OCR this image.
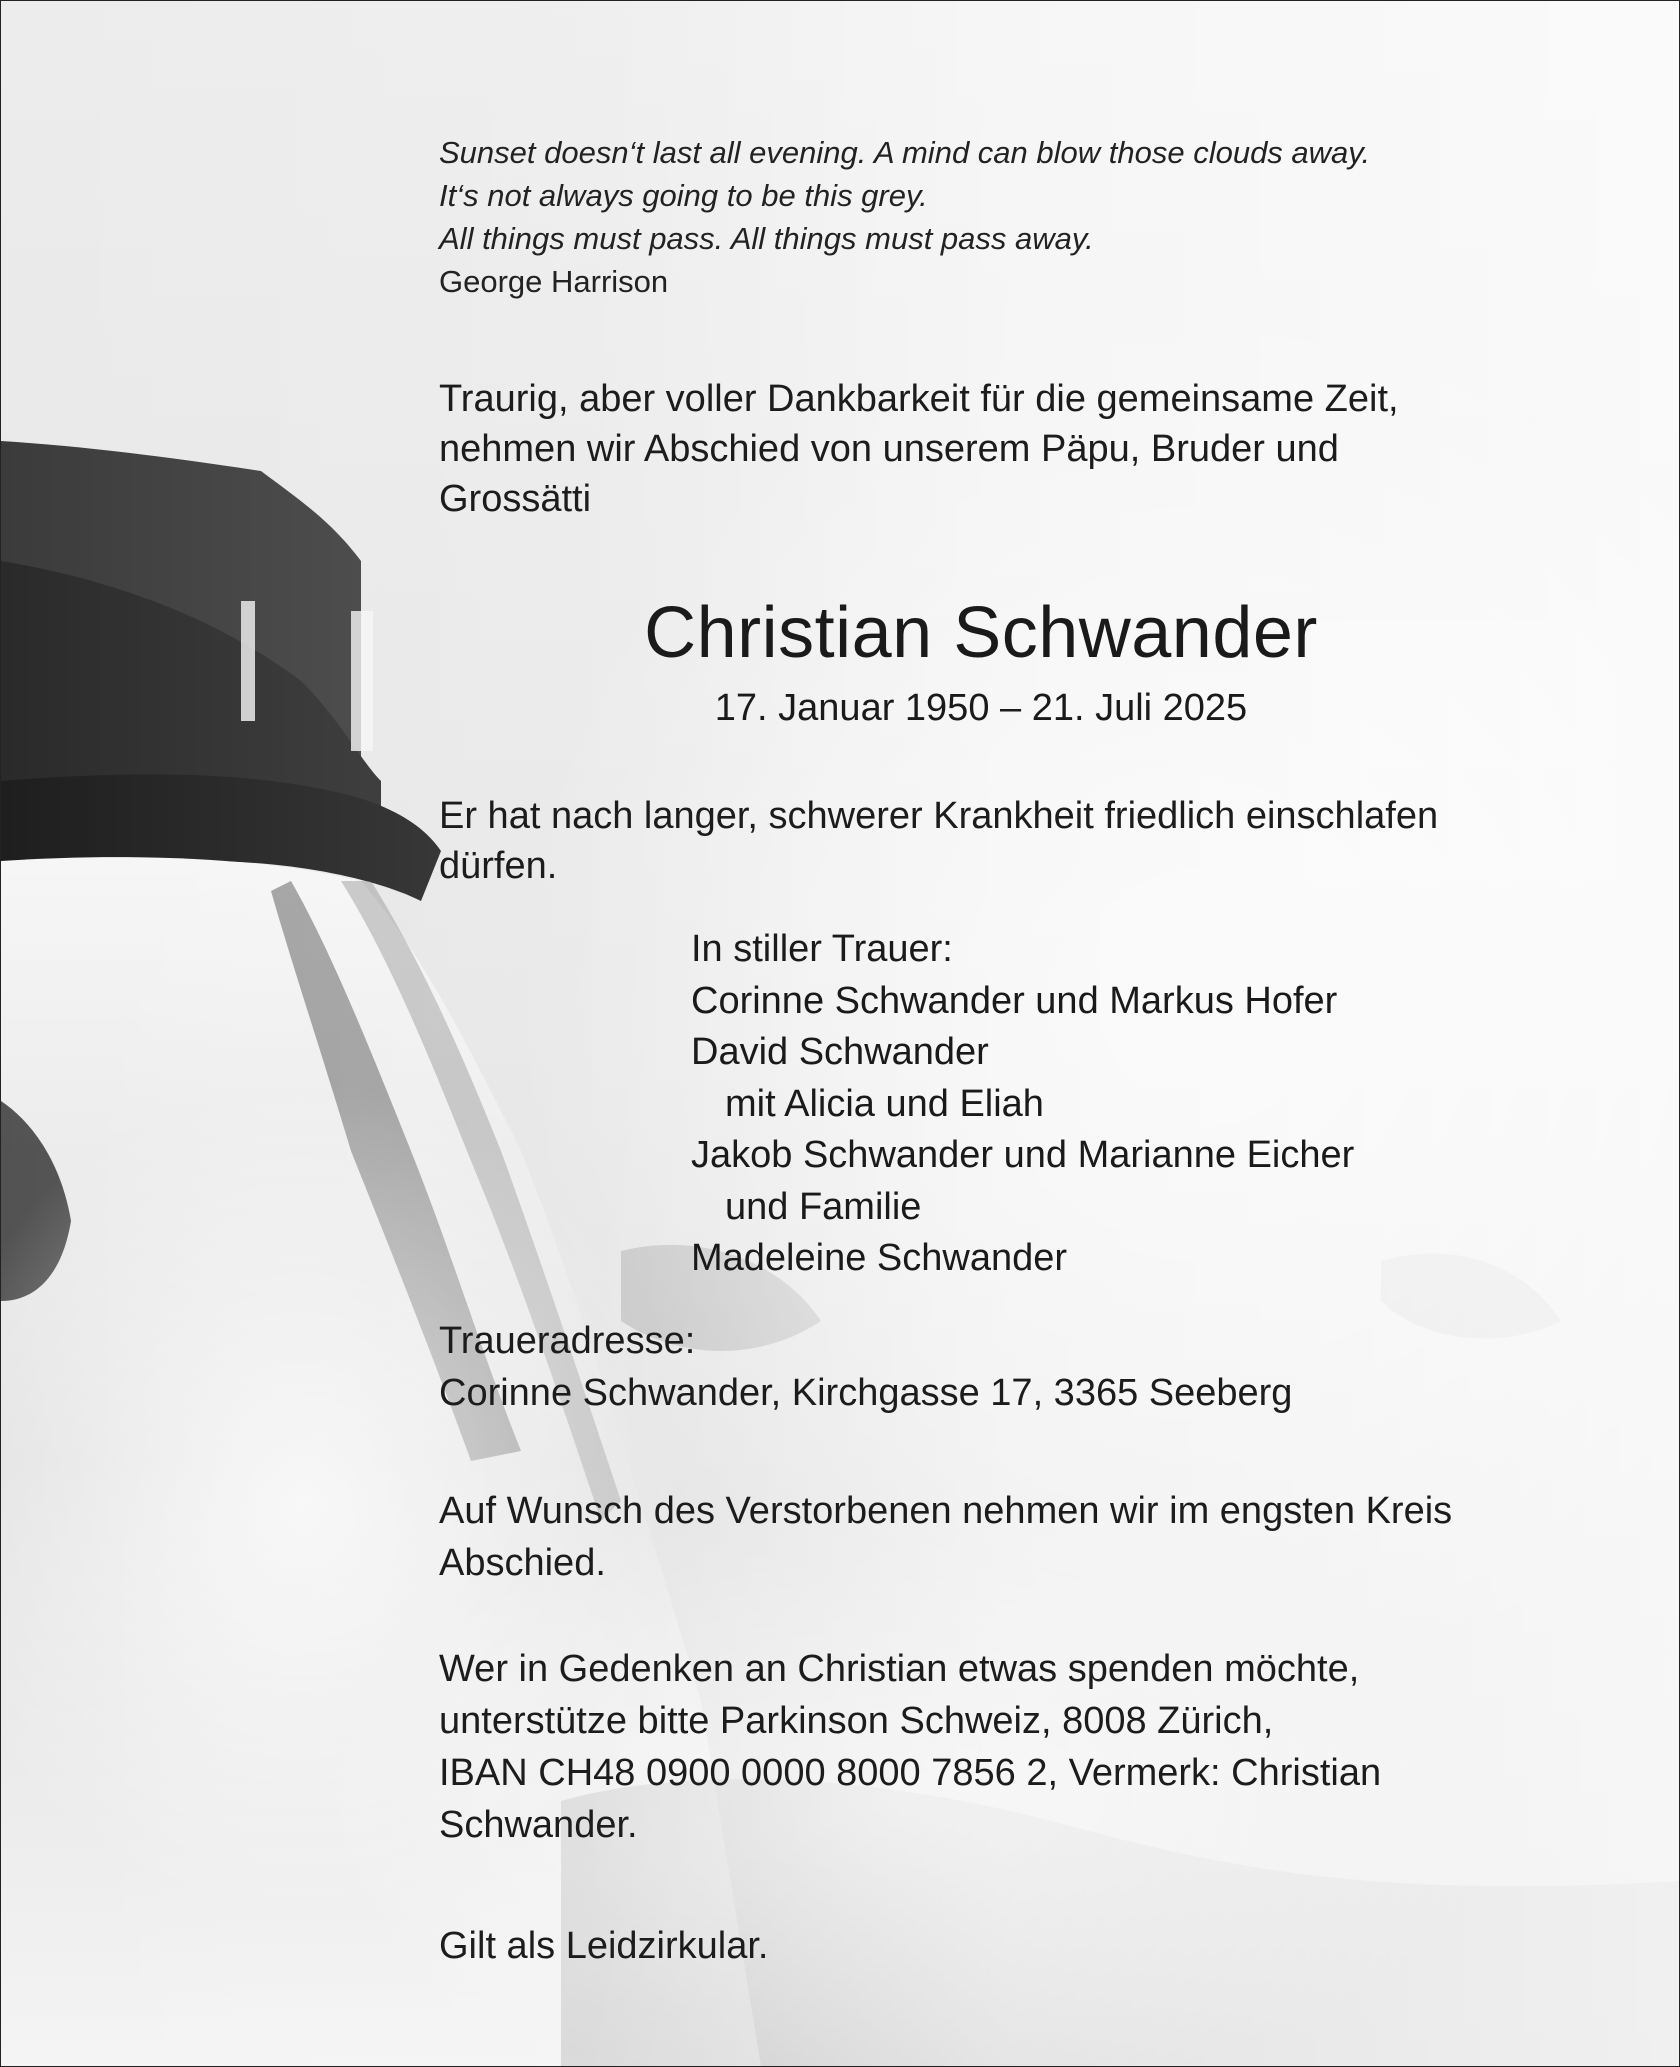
Sunset doesn‘t last all evening. A mind can blow those clouds away.
It‘s not always going to be this grey.
All things must pass. All things must pass away.
George Harrison
Traurig, aber voller Dankbarkeit für die gemeinsame Zeit,
nehmen wir Abschied von unserem Päpu, Bruder und
Grossätti
Christian Schwander
17. Januar 1950 – 21. Juli 2025
Er hat nach langer, schwerer Krankheit friedlich einschlafen
dürfen.
In stiller Trauer:
Corinne Schwander und Markus Hofer
David Schwander
mit Alicia und Eliah
Jakob Schwander und Marianne Eicher
und Familie
Madeleine Schwander
Traueradresse:
Corinne Schwander, Kirchgasse 17, 3365 Seeberg
Auf Wunsch des Verstorbenen nehmen wir im engsten Kreis
Abschied.
Wer in Gedenken an Christian etwas spenden möchte,
unterstütze bitte Parkinson Schweiz, 8008 Zürich,
IBAN CH48 0900 0000 8000 7856 2, Vermerk: Christian
Schwander.
Gilt als Leidzirkular.
